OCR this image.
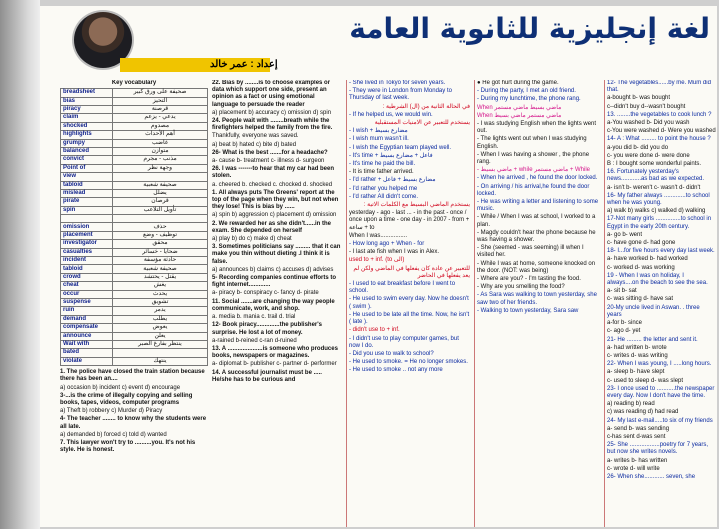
لغة إنجليزية للثانوية العامة
إعداد : عمر خالد
Key vocabulary
breadsheet	صحيفة على ورق كبير
bias	التحيز
piracy	قرصنة
claim	يدعي - يزعم
shocked	مصدوم
highlights	أهم الأحداث
grumpy	غاضب
balanced	متوازن
convict	مذنب - مجرم
Point of	وجهة نظر
view	
tabloid	صحيفة شعبية
mislead	يضلل
pirate	قرصان
spin	تأويل التلاعب

omission	حذف
placement	توظيف - وضع
investigator	محقق
casualties	ضحايا - خسائر
incident	حادثة مؤسفة
tabloid	صحيفة شعبية
crowd	يقتل - يحتشد
cheat	يغش
occur	يحدث
suspense	تشويق
ruin	يدمر
demand	يطلب
compensate	يعوض
announce	يعلن
Wait with	ينتظر بفارغ الصبر
bated	
violate	ينتهك
1. The police have closed the train station because there has been an....
a) occasion b) incident c) event d) encourage
3-...is the crime of illegally copying and selling books, tapes, videos, computer programs
a) Theft b) robbery c) Murder d) Piracy
4- The teacher ........ to know why the students were all late.
a) demanded b) forced c) told d) wanted
7. This lawyer won't try to ..........you. It's not his style. He is honest.
22. Bias by ........is to choose examples or data which support one side, present an opinion as a fact or using emotional language to persuade the reader
a) placement b) accuracy c) omission d) spin
24. People wait with ........breath while the firefighters helped the family from the fire.
Thankfully, everyone was saved.
a) beat b) hated c) bite d) bated
26- What is the best .......for a headache?
a- cause b- treatment c- illness d- surgeon
26. I was -------to hear that my car had been stolen.
a. cheered b. checked c. chocked d. shocked
1. All always puts The Greens' report at the top of the page when they win, but not when they lose! This is bias by ......
a) spin b) aggression c) placement d) omission
2. We rewarded her as she didn't......in the exam. She depended on herself
a) play b) do c) make d) cheat
3. Sometimes politicians say ......... that it can make you thin without dieting .I think it is false.
a) announces b) claims c) accuses d) advises
5- Recording companies continue efforts to fight internet.............
a- piracy b- conspiracy c- fancy d- pirate
11. Social .......are changing the way people communicate, work, and shop.
a. media b. mania c. trail d. trial
12- Book piracy..............the publisher's surprise. He lost a lot of money.
a-rained b-reined c-ran d-ruined
13. A .....................is someone who produces books, newspapers or magazines.
a- diplomat b- publisher c- partner d- performer
14. A successful journalist must be ..... He/she has to be curious and
- She lived in Tokyo for seven years.
- They were in London from Monday to Thursday of last week.
في الحالة الثانية من (ال) الشرطية :
- If he helped us, we would win.
يستخدم للتعبير عن الامنيات المستقبلية
- I wish + مضارع بسيط
- I wish mum wasn't ill.
- I wish the Egyptian team played well.
- It's time + فاعل + مضارع بسيط
- It's time he paid the bill.
- It is time father arrived.
- I'd rather + مضارع بسيط + فاعل
- I'd rather you helped me
- I'd rather All didn't come.
يستخدم الماضي البسيط مع الكلمات الاتية :
yesterday - ago - last ... - in the past - once / once upon a time - one day - in 2007 - from + ساعة + to
When I was................
- How long ago + When - for
- I last ate fish when I was in Alex.
used to + inf. (to الى)
للتعبير عن عادة كان يفعلها في الماضي ولكن لم يعد يفعلها في الحاضر
- I used to eat breakfast before I went to school.
- He used to swim every day. Now he doesn't ( swim ).
- He used to be late all the time. Now, he isn't ( late ).
- didn't use to + inf.
- I didn't use to play computer games, but now I do.
- Did you use to walk to school?
- He used to smoke. = He no longer smokes.
- He used to smoke .. not any more
● He got hurt during the game.
- During the party, I met an old friend.
- During my lunchtime, the phone rang.
When ماضي بسيط ماضي مستمر
When ماضي مستمر ماضي بسيط
- I was studying English when the lights went out.
- The lights went out when I was studying English.
- When I was having a shower , the phone rang.
- ماضي بسيط + while ماضي مستمر + While
- When he arrived , he found the door locked.
- On arriving / his arrival,he found the door locked.
- He was writing a letter and listening to some music.
- While / When I was at school, I worked to a plan.
- Magdy couldn't hear the phone because he was having a shower.
- She (seemed - was seeming) ill when I visited her.
- While I was at home, someone knocked on the door. (NOT: was being)
- Where are you? - I'm tasting the food.
- Why are you smelling the food?
- As Sara was walking to town yesterday, she saw two of her friends.
- Walking to town yesterday, Sara saw
12- The vegetables......by me. Mum did that.
a-bought b- was bought
c--didn't buy d--wasn't bought
13. ........the vegetables to cook lunch ?
a-You washed b- Did you wash
c-You were washed d- Were you washed
14- A : What ......... to point the house ?
a-you did b- did you do
c- you were done d- were done
B : I bought some wonderful paints.
16. Fortunately yesterday's news............as bad as we expected.
a- isn't b- weren't c- wasn't d- didn't
16- My father always .............to school when he was young.
a) walk b) walks c) walked d) walking
17-Not many girls ...............to school in Egypt in the early 20th century.
a- go b- went
c- have gone d- had gone
18- I...for five hours every day last week.
a- have worked b- had worked
c- worked d- was working
19 - When I was on holiday, I always....on the beach to see the sea.
a- sit b- sat
c- was sitting d- have sat
20-My uncle lived in Aswan. . three years
a-for b- since
c- ago d- yet
21- He ......... the letter and sent it.
a- had written b- wrote
c- writes d- was writing
22- When I was young, I .....long hours.
a- sleep b- have slept
c- used to sleep d- was slept
23- I once used to ...........the newspaper every day. Now I don't have the time.
a) reading b) read
c) was reading d) had read
24- My last e-mail.....to six of my friends
a- send b- was sending
c-has sent d-was sent
25- She ..................poetry for 7 years, but now she writes novels.
a- writes b- has written
c- wrote d- will write
26- When she............ seven, she
